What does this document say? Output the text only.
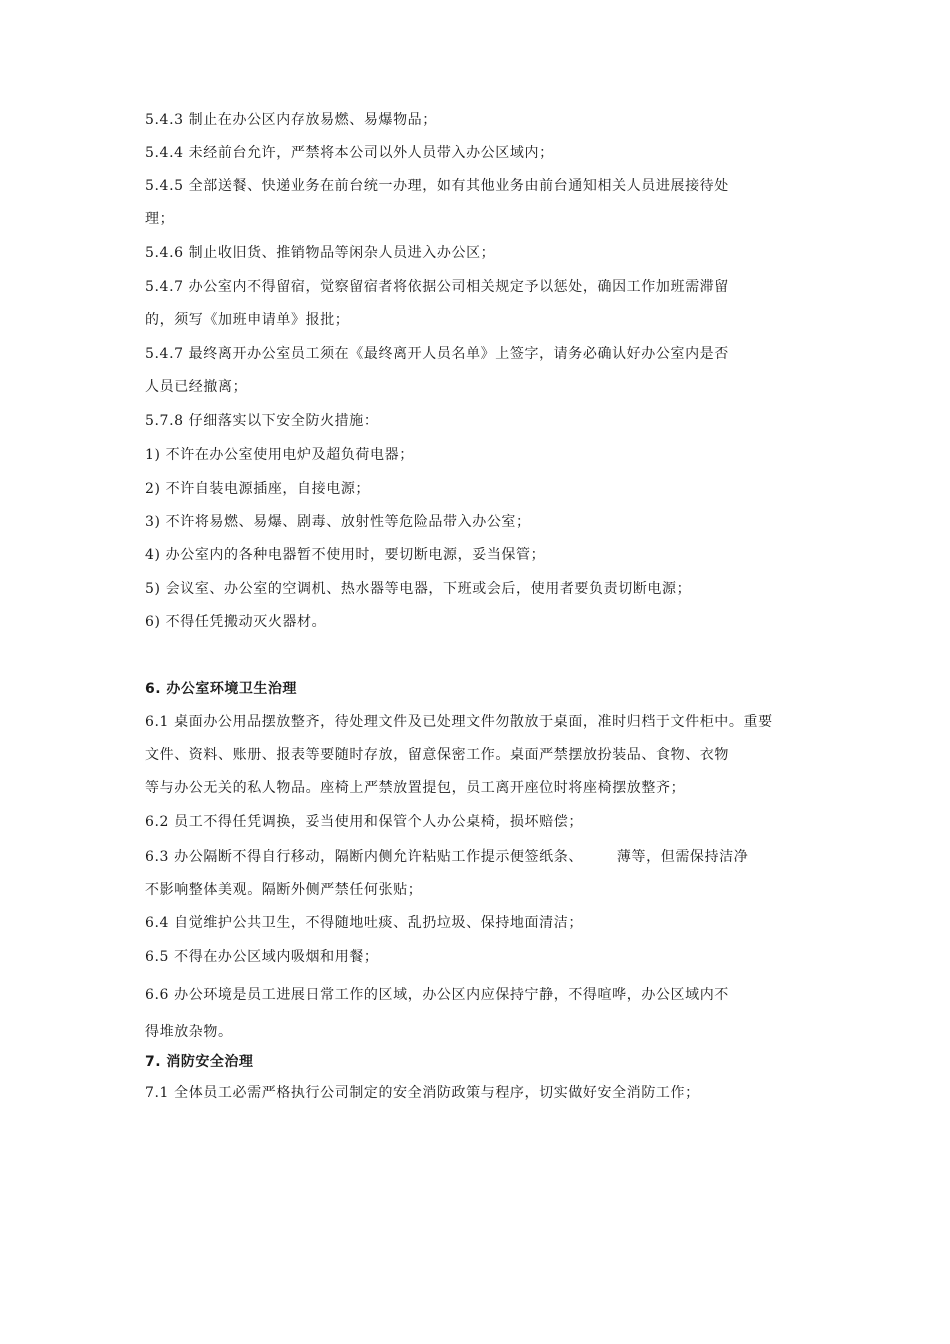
5.4.3 制止在办公区内存放易燃、易爆物品；
5.4.4 未经前台允许，严禁将本公司以外人员带入办公区域内；
5.4.5 全部送餐、快递业务在前台统一办理，如有其他业务由前台通知相关人员进展接待处
理；
5.4.6 制止收旧货、推销物品等闲杂人员进入办公区；
5.4.7 办公室内不得留宿，觉察留宿者将依据公司相关规定予以惩处，确因工作加班需滞留
的，须写《加班申请单》报批；
5.4.7 最终离开办公室员工须在《最终离开人员名单》上签字，请务必确认好办公室内是否
人员已经撤离；
5.7.8 仔细落实以下安全防火措施：
1) 不许在办公室使用电炉及超负荷电器；
2) 不许自装电源插座，自接电源；
3) 不许将易燃、易爆、剧毒、放射性等危险品带入办公室；
4) 办公室内的各种电器暂不使用时，要切断电源，妥当保管；
5) 会议室、办公室的空调机、热水器等电器，下班或会后，使用者要负责切断电源；
6) 不得任凭搬动灭火器材。
6. 办公室环境卫生治理
6.1 桌面办公用品摆放整齐，待处理文件及已处理文件勿散放于桌面，准时归档于文件柜中。重要
文件、资料、账册、报表等要随时存放，留意保密工作。桌面严禁摆放扮装品、食物、衣物
等与办公无关的私人物品。座椅上严禁放置提包，员工离开座位时将座椅摆放整齐；
6.2 员工不得任凭调换，妥当使用和保管个人办公桌椅，损坏赔偿；
6.3 办公隔断不得自行移动，隔断内侧允许粘贴工作提示便签纸条、 薄等，但需保持洁净
不影响整体美观。隔断外侧严禁任何张贴；
6.4 自觉维护公共卫生，不得随地吐痰、乱扔垃圾、保持地面清洁；
6.5 不得在办公区域内吸烟和用餐；
6.6 办公环境是员工进展日常工作的区域，办公区内应保持宁静，不得喧哗，办公区域内不
得堆放杂物。
7. 消防安全治理
7.1 全体员工必需严格执行公司制定的安全消防政策与程序，切实做好安全消防工作；
